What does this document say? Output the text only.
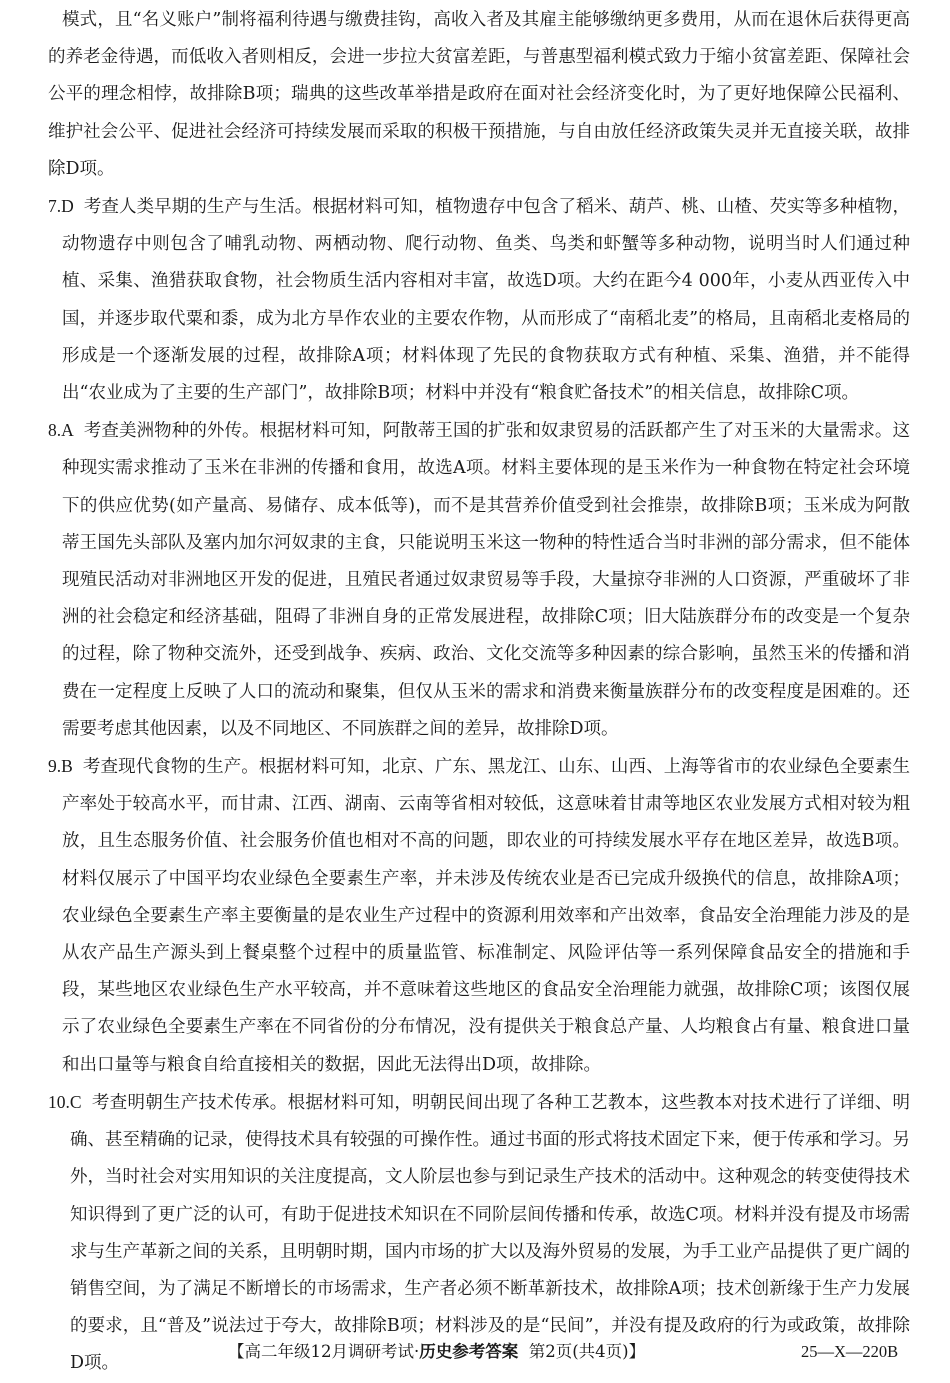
模式，且“名义账户”制将福利待遇与缴费挂钩，高收入者及其雇主能够缴纳更多费用，从而在退休后获得更高的养老金待遇，而低收入者则相反，会进一步拉大贫富差距，与普惠型福利模式致力于缩小贫富差距、保障社会公平的理念相悖，故排除B项；瑞典的这些改革举措是政府在面对社会经济变化时，为了更好地保障公民福利、维护社会公平、促进社会经济可持续发展而采取的积极干预措施，与自由放任经济政策失灵并无直接关联，故排除D项。

7.D 考查人类早期的生产与生活。根据材料可知，植物遗存中包含了稻米、葫芦、桃、山楂、芡实等多种植物，动物遗存中则包含了哺乳动物、两栖动物、爬行动物、鱼类、鸟类和虾蟹等多种动物，说明当时人们通过种植、采集、渔猎获取食物，社会物质生活内容相对丰富，故选D项。大约在距今4 000年，小麦从西亚传入中国，并逐步取代粟和黍，成为北方旱作农业的主要农作物，从而形成了“南稻北麦”的格局，且南稻北麦格局的形成是一个逐渐发展的过程，故排除A项；材料体现了先民的食物获取方式有种植、采集、渔猎，并不能得出“农业成为了主要的生产部门”，故排除B项；材料中并没有“粮食贮备技术”的相关信息，故排除C项。

8.A 考查美洲物种的外传。根据材料可知，阿散蒂王国的扩张和奴隶贸易的活跃都产生了对玉米的大量需求。这种现实需求推动了玉米在非洲的传播和食用，故选A项。材料主要体现的是玉米作为一种食物在特定社会环境下的供应优势(如产量高、易储存、成本低等)，而不是其营养价值受到社会推崇，故排除B项；玉米成为阿散蒂王国先头部队及塞内加尔河奴隶的主食，只能说明玉米这一物种的特性适合当时非洲的部分需求，但不能体现殖民活动对非洲地区开发的促进，且殖民者通过奴隶贸易等手段，大量掠夺非洲的人口资源，严重破坏了非洲的社会稳定和经济基础，阻碍了非洲自身的正常发展进程，故排除C项；旧大陆族群分布的改变是一个复杂的过程，除了物种交流外，还受到战争、疾病、政治、文化交流等多种因素的综合影响，虽然玉米的传播和消费在一定程度上反映了人口的流动和聚集，但仅从玉米的需求和消费来衡量族群分布的改变程度是困难的。还需要考虑其他因素，以及不同地区、不同族群之间的差异，故排除D项。

9.B 考查现代食物的生产。根据材料可知，北京、广东、黑龙江、山东、山西、上海等省市的农业绿色全要素生产率处于较高水平，而甘肃、江西、湖南、云南等省相对较低，这意味着甘肃等地区农业发展方式相对较为粗放，且生态服务价值、社会服务价值也相对不高的问题，即农业的可持续发展水平存在地区差异，故选B项。材料仅展示了中国平均农业绿色全要素生产率，并未涉及传统农业是否已完成升级换代的信息，故排除A项；农业绿色全要素生产率主要衡量的是农业生产过程中的资源利用效率和产出效率，食品安全治理能力涉及的是从农产品生产源头到上餐桌整个过程中的质量监管、标准制定、风险评估等一系列保障食品安全的措施和手段，某些地区农业绿色生产水平较高，并不意味着这些地区的食品安全治理能力就强，故排除C项；该图仅展示了农业绿色全要素生产率在不同省份的分布情况，没有提供关于粮食总产量、人均粮食占有量、粮食进口量和出口量等与粮食自给直接相关的数据，因此无法得出D项，故排除。

10.C 考查明朝生产技术传承。根据材料可知，明朝民间出现了各种工艺教本，这些教本对技术进行了详细、明确、甚至精确的记录，使得技术具有较强的可操作性。通过书面的形式将技术固定下来，便于传承和学习。另外，当时社会对实用知识的关注度提高，文人阶层也参与到记录生产技术的活动中。这种观念的转变使得技术知识得到了更广泛的认可，有助于促进技术知识在不同阶层间传播和传承，故选C项。材料并没有提及市场需求与生产革新之间的关系，且明朝时期，国内市场的扩大以及海外贸易的发展，为手工业产品提供了更广阔的销售空间，为了满足不断增长的市场需求，生产者必须不断革新技术，故排除A项；技术创新缘于生产力发展的要求，且“普及”说法过于夸大，故排除B项；材料涉及的是“民间”，并没有提及政府的行为或政策，故排除D项。

【高二年级12月调研考试·历史参考答案 第2页(共4页)】	25—X—220B
